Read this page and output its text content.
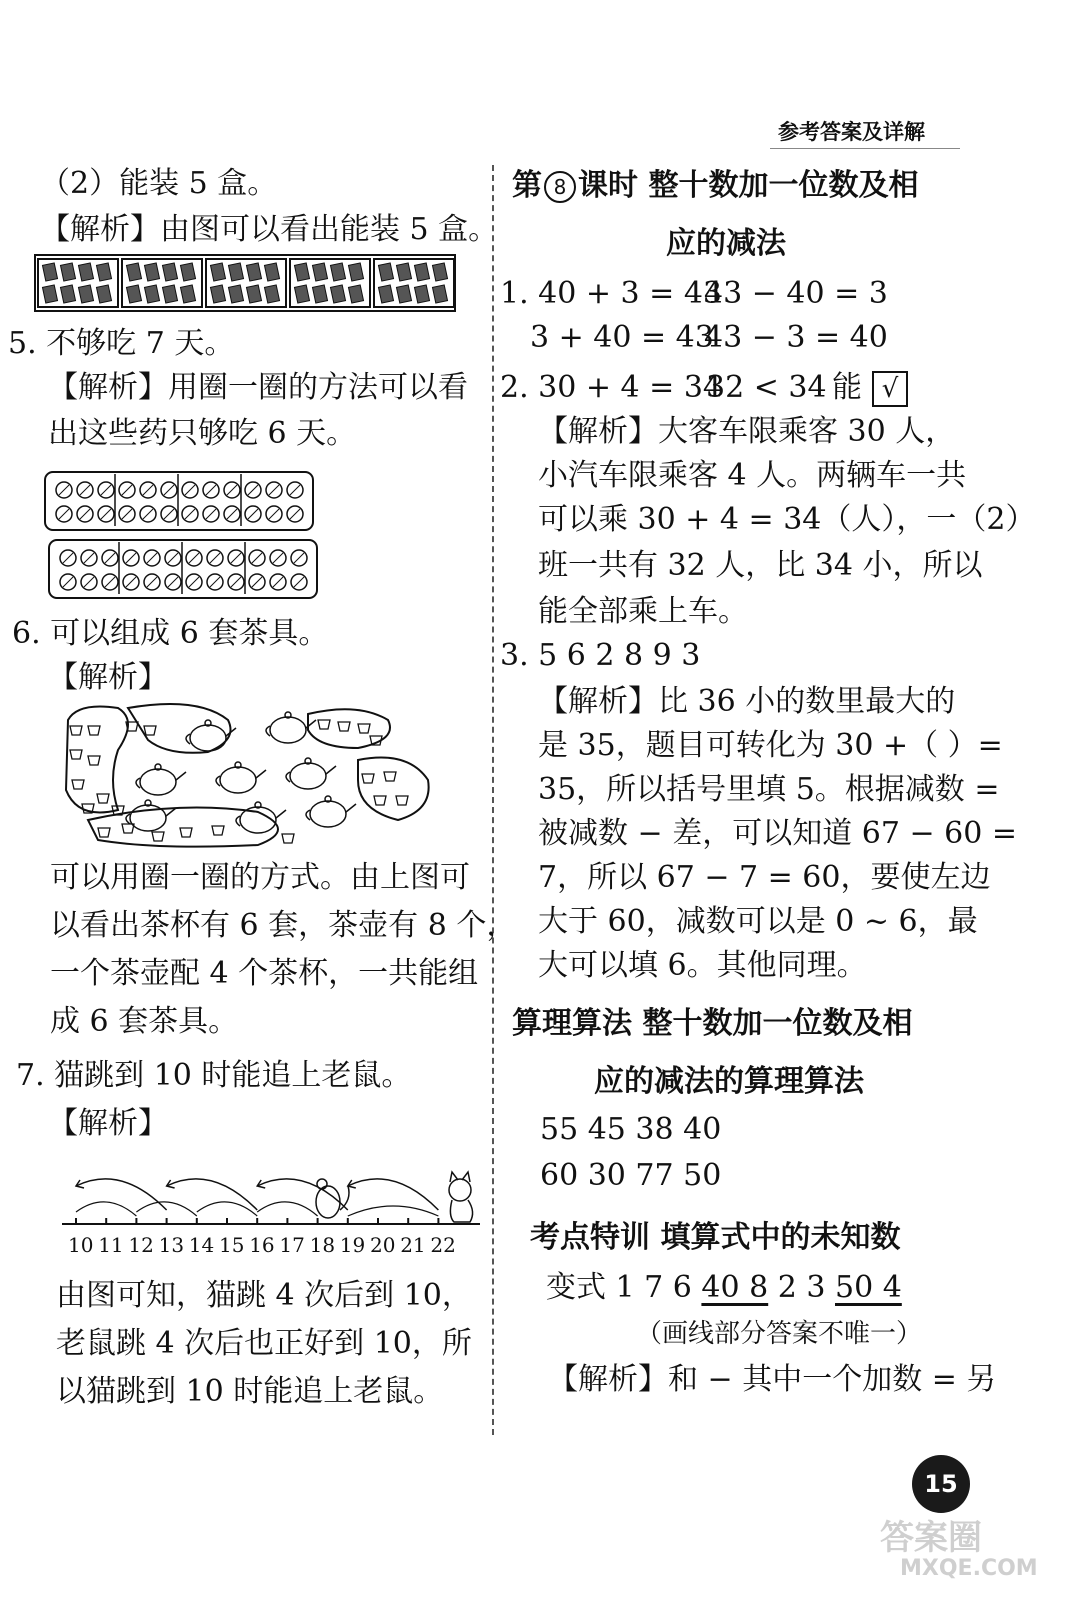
参考答案及详解
（2）能装 5 盒。
【解析】由图可以看出能装 5 盒。
5. 不够吃 7 天。
【解析】用圈一圈的方法可以看
出这些药只够吃 6 天。
6. 可以组成 6 套茶具。
【解析】
可以用圈一圈的方式。由上图可
以看出茶杯有 6 套，茶壶有 8 个，
一个茶壶配 4 个茶杯，一共能组
成 6 套茶具。
7. 猫跳到 10 时能追上老鼠。
【解析】
10 11 12 13 14 15 16 17 18 19 20 21 22
由图可知，猫跳 4 次后到 10，
老鼠跳 4 次后也正好到 10，所
以猫跳到 10 时能追上老鼠。
第 8 课时 整十数加一位数及相
应的减法
1. 40 + 3 = 43
43 − 40 = 3
3 + 40 = 43
43 − 3 = 40
2. 30 + 4 = 34
32 < 34 能 √
【解析】大客车限乘客 30 人，
小汽车限乘客 4 人。两辆车一共
可以乘 30 + 4 = 34（人），一（2）
班一共有 32 人，比 34 小，所以
能全部乘上车。
3. 5 6 2 8 9 3
【解析】比 36 小的数里最大的
是 35，题目可转化为 30 +（ ）=
35，所以括号里填 5。根据减数 =
被减数 − 差，可以知道 67 − 60 =
7，所以 67 − 7 = 60，要使左边
大于 60，减数可以是 0 ~ 6，最
大可以填 6。其他同理。
算理算法 整十数加一位数及相
应的减法的算理算法
55 45 38 40
60 30 77 50
考点特训 填算式中的未知数
变式 1 7 6 40 8 2 3 50 4
（画线部分答案不唯一）
【解析】和 − 其中一个加数 = 另
15
答案圈
MXQE.COM
